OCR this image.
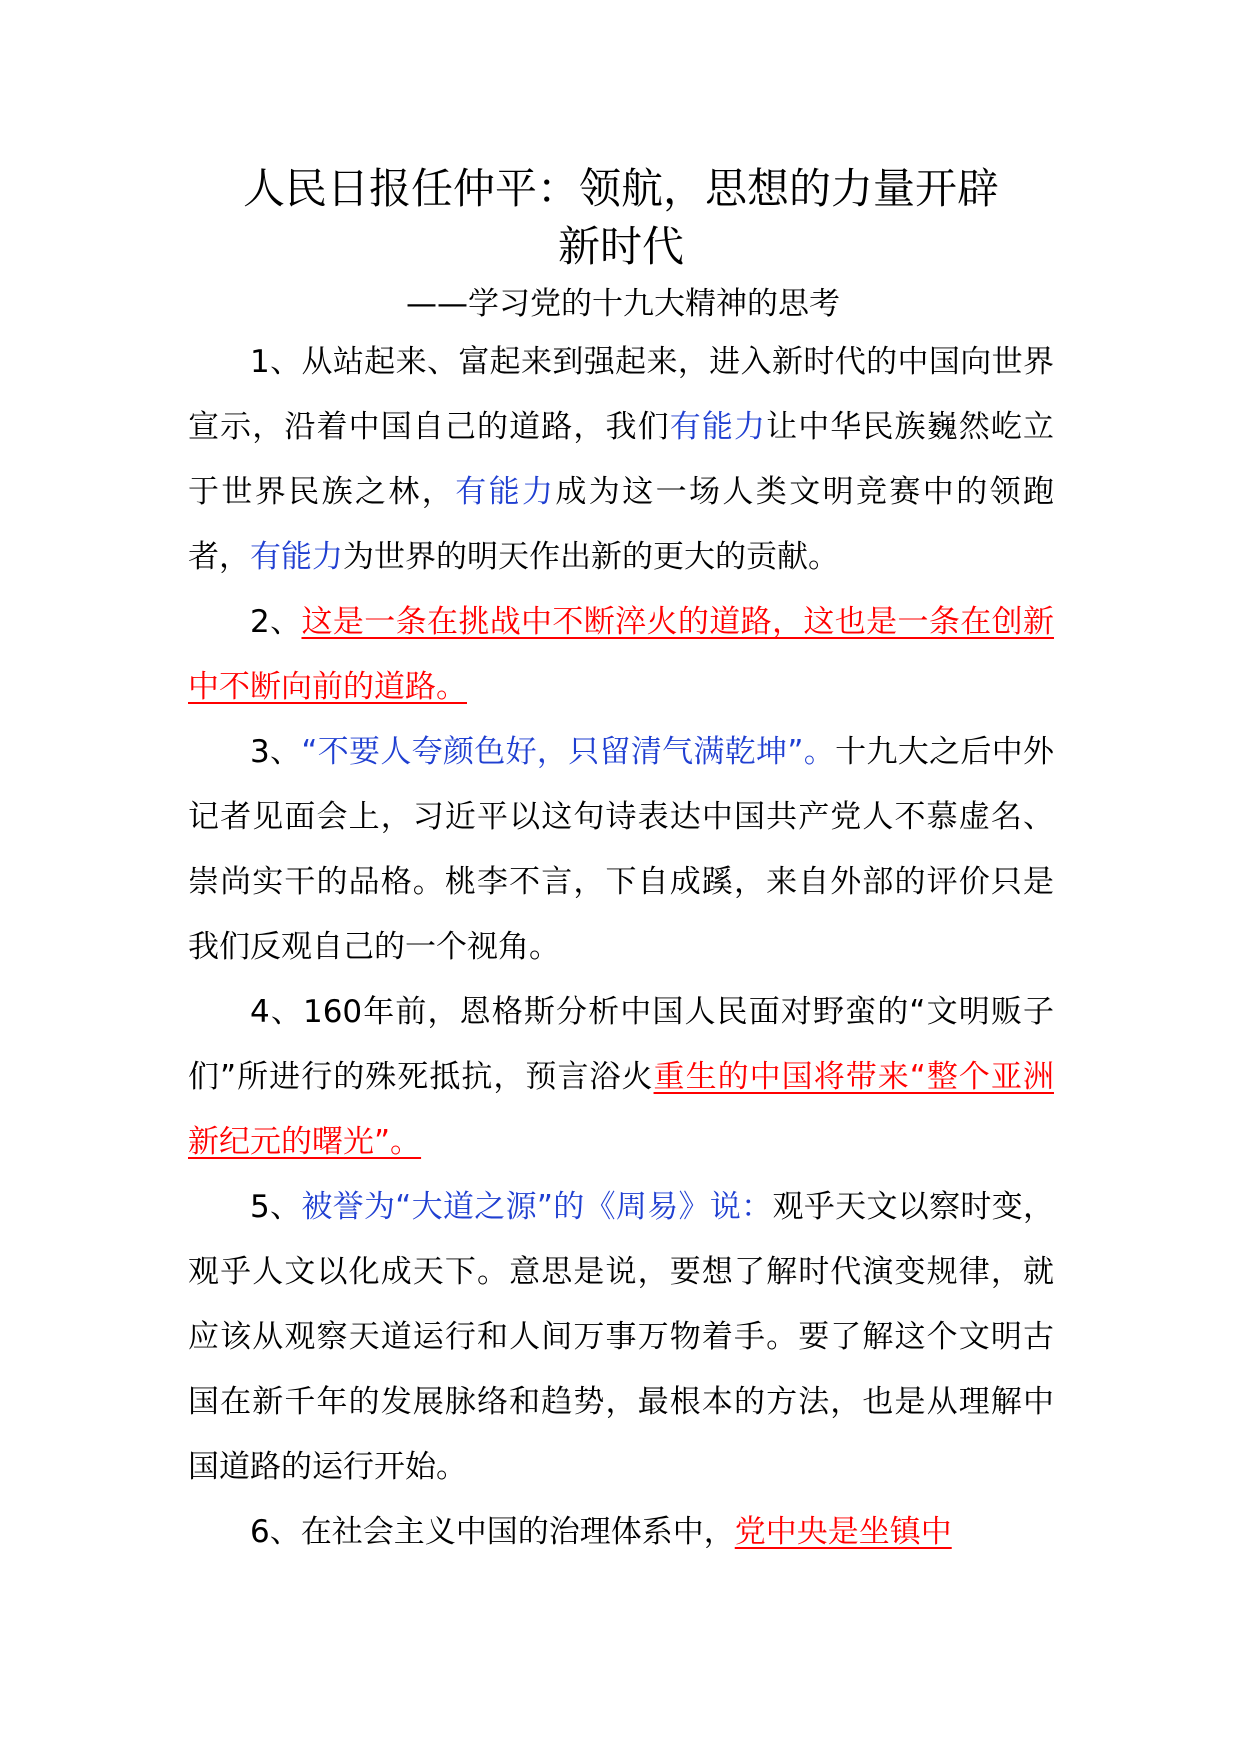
人民日报任仲平：领航，思想的力量开辟
新时代

——学习党的十九大精神的思考

1、从站起来、富起来到强起来，进入新时代的中国向世界宣示，沿着中国自己的道路，我们有能力让中华民族巍然屹立于世界民族之林，有能力成为这一场人类文明竞赛中的领跑者，有能力为世界的明天作出新的更大的贡献。

2、这是一条在挑战中不断淬火的道路，这也是一条在创新中不断向前的道路。

3、“不要人夸颜色好，只留清气满乾坤”。十九大之后中外记者见面会上，习近平以这句诗表达中国共产党人不慕虚名、崇尚实干的品格。桃李不言，下自成蹊，来自外部的评价只是我们反观自己的一个视角。

4、160年前，恩格斯分析中国人民面对野蛮的“文明贩子们”所进行的殊死抵抗，预言浴火重生的中国将带来“整个亚洲新纪元的曙光”。

5、被誉为“大道之源”的《周易》说：观乎天文以察时变，观乎人文以化成天下。意思是说，要想了解时代演变规律，就应该从观察天道运行和人间万事万物着手。要了解这个文明古国在新千年的发展脉络和趋势，最根本的方法，也是从理解中国道路的运行开始。

6、在社会主义中国的治理体系中，党中央是坐镇中
